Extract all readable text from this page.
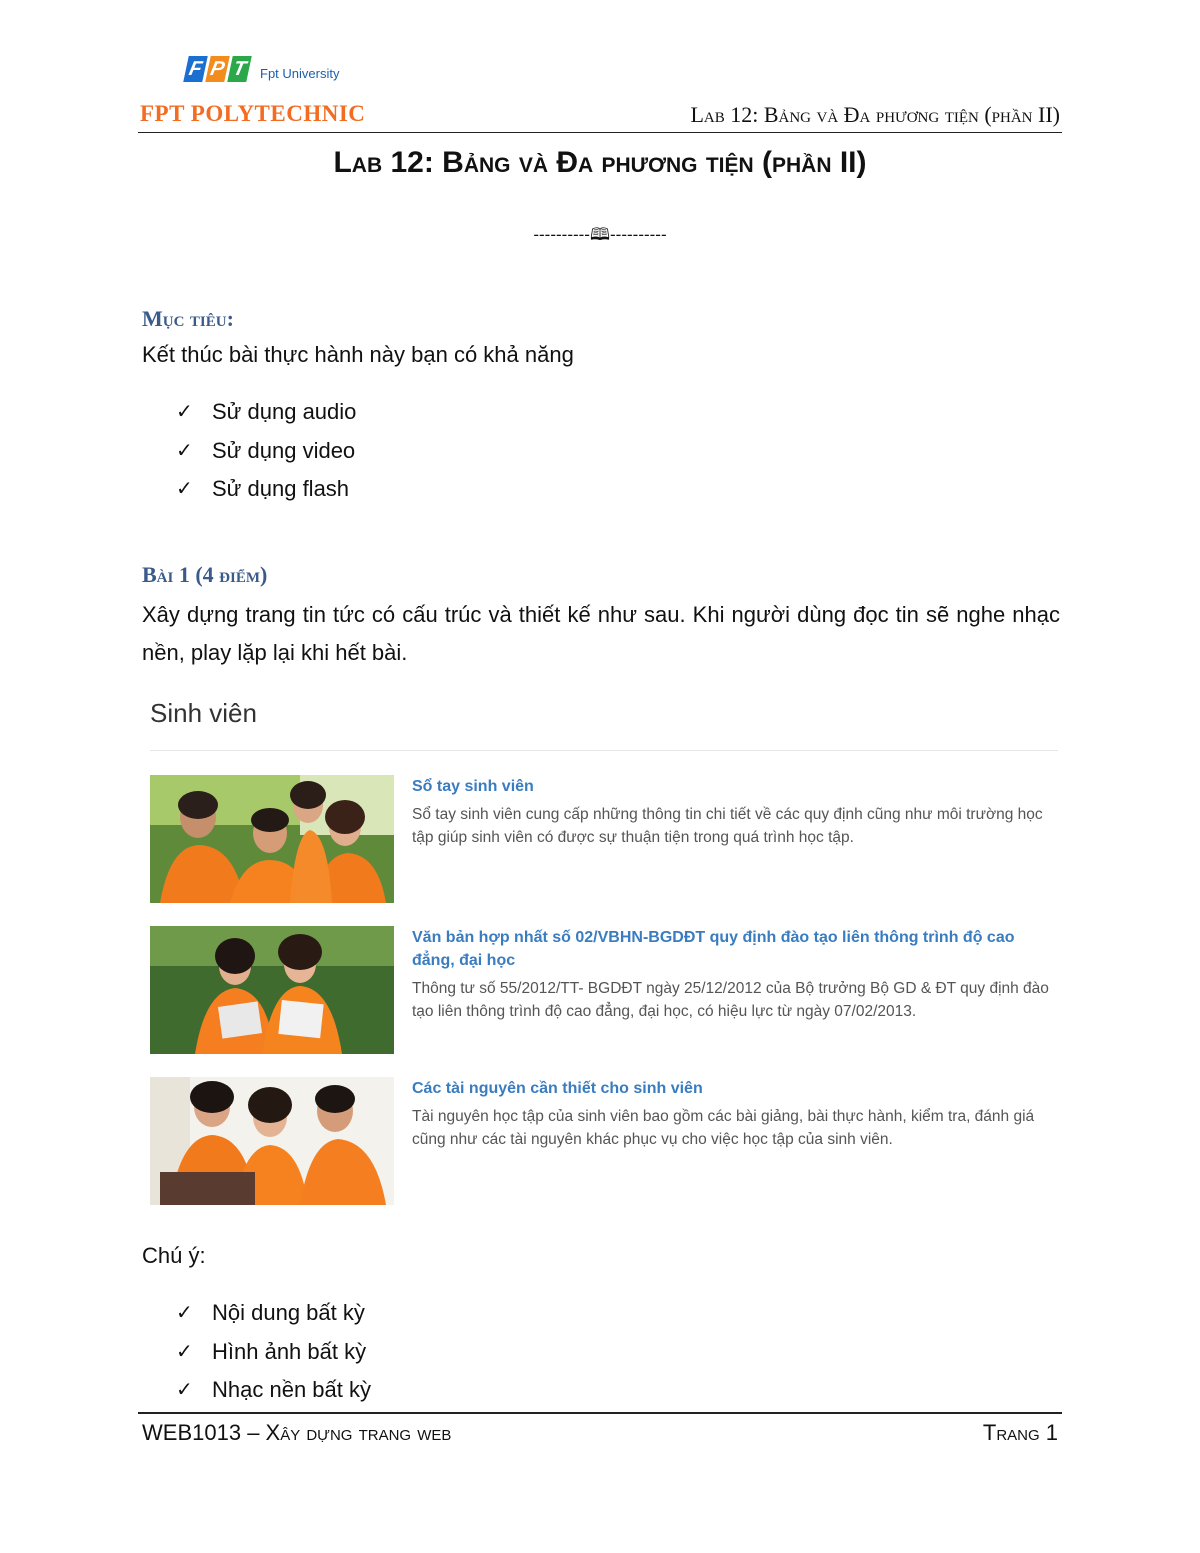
F P T Fpt University
FPT POLYTECHNIC	Lab 12: Bảng và Đa phương tiện (phần II)
Lab 12: Bảng và Đa phương tiện (phần II)
----------🕮----------
Mục tiêu:
Kết thúc bài thực hành này bạn có khả năng
✓ Sử dụng audio
✓ Sử dụng video
✓ Sử dụng flash
Bài 1 (4 điểm)
Xây dựng trang tin tức có cấu trúc và thiết kế như sau. Khi người dùng đọc tin sẽ nghe nhạc nền, play lặp lại khi hết bài.
Sinh viên
Sổ tay sinh viên
Sổ tay sinh viên cung cấp những thông tin chi tiết về các quy định cũng như môi trường học tập giúp sinh viên có được sự thuận tiện trong quá trình học tập.
Văn bản hợp nhất số 02/VBHN-BGDĐT quy định đào tạo liên thông trình độ cao đẳng, đại học
Thông tư số 55/2012/TT- BGDĐT ngày 25/12/2012 của Bộ trưởng Bộ GD & ĐT quy định đào tạo liên thông trình độ cao đẳng, đại học, có hiệu lực từ ngày 07/02/2013.
Các tài nguyên cần thiết cho sinh viên
Tài nguyên học tập của sinh viên bao gồm các bài giảng, bài thực hành, kiểm tra, đánh giá cũng như các tài nguyên khác phục vụ cho việc học tập của sinh viên.
Chú ý:
✓ Nội dung bất kỳ
✓ Hình ảnh bất kỳ
✓ Nhạc nền bất kỳ
WEB1013 – Xây dựng trang web	Trang 1
